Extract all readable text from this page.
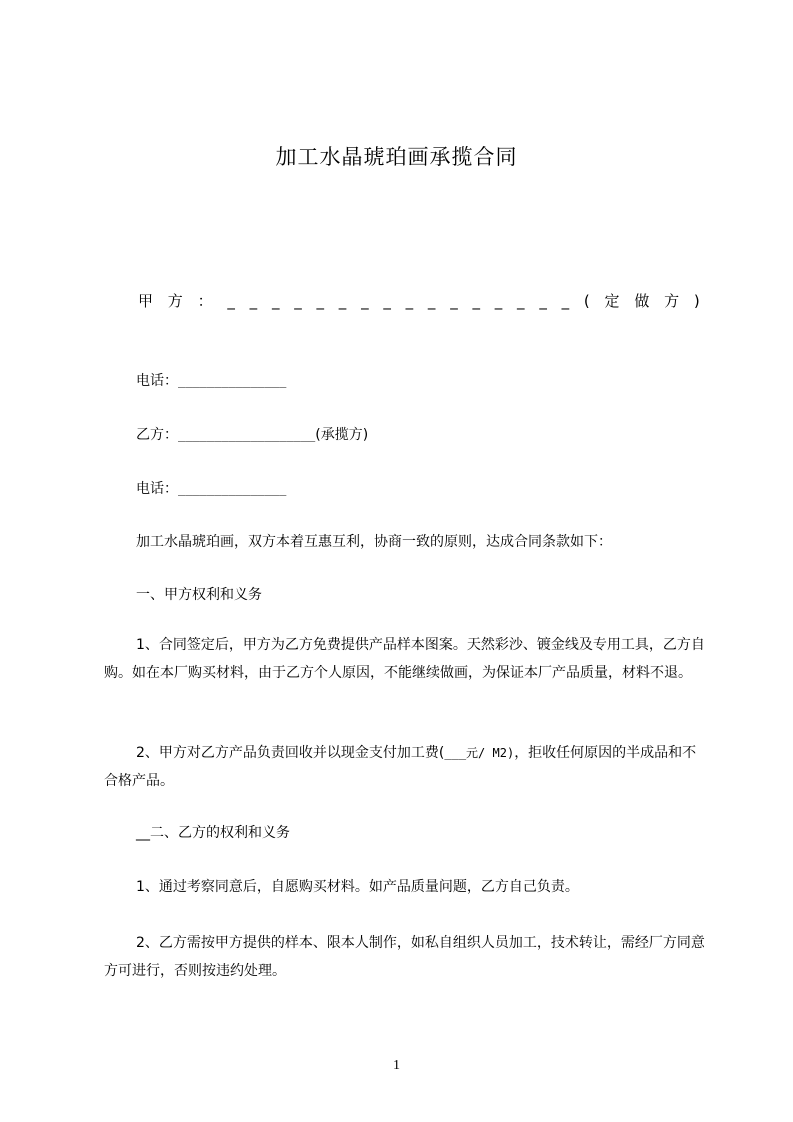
加工水晶琥珀画承揽合同
甲 方 ： _ _ _ _ _ _ _ _ _ _ _ _ _ _ _ _ ( 定 做 方 )
电话：_______________
乙方：___________________(承揽方)
电话：_______________
加工水晶琥珀画，双方本着互惠互利，协商一致的原则，达成合同条款如下：
一、甲方权利和义务
1、合同签定后，甲方为乙方免费提供产品样本图案。天然彩沙、镀金线及专用工具，乙方自购。如在本厂购买材料，由于乙方个人原因，不能继续做画，为保证本厂产品质量，材料不退。
2、甲方对乙方产品负责回收并以现金支付加工费(___元/ M2)，拒收任何原因的半成品和不合格产品。
__二、乙方的权利和义务
1、通过考察同意后，自愿购买材料。如产品质量问题，乙方自己负责。
2、乙方需按甲方提供的样本、限本人制作，如私自组织人员加工，技术转让，需经厂方同意方可进行，否则按违约处理。
1
